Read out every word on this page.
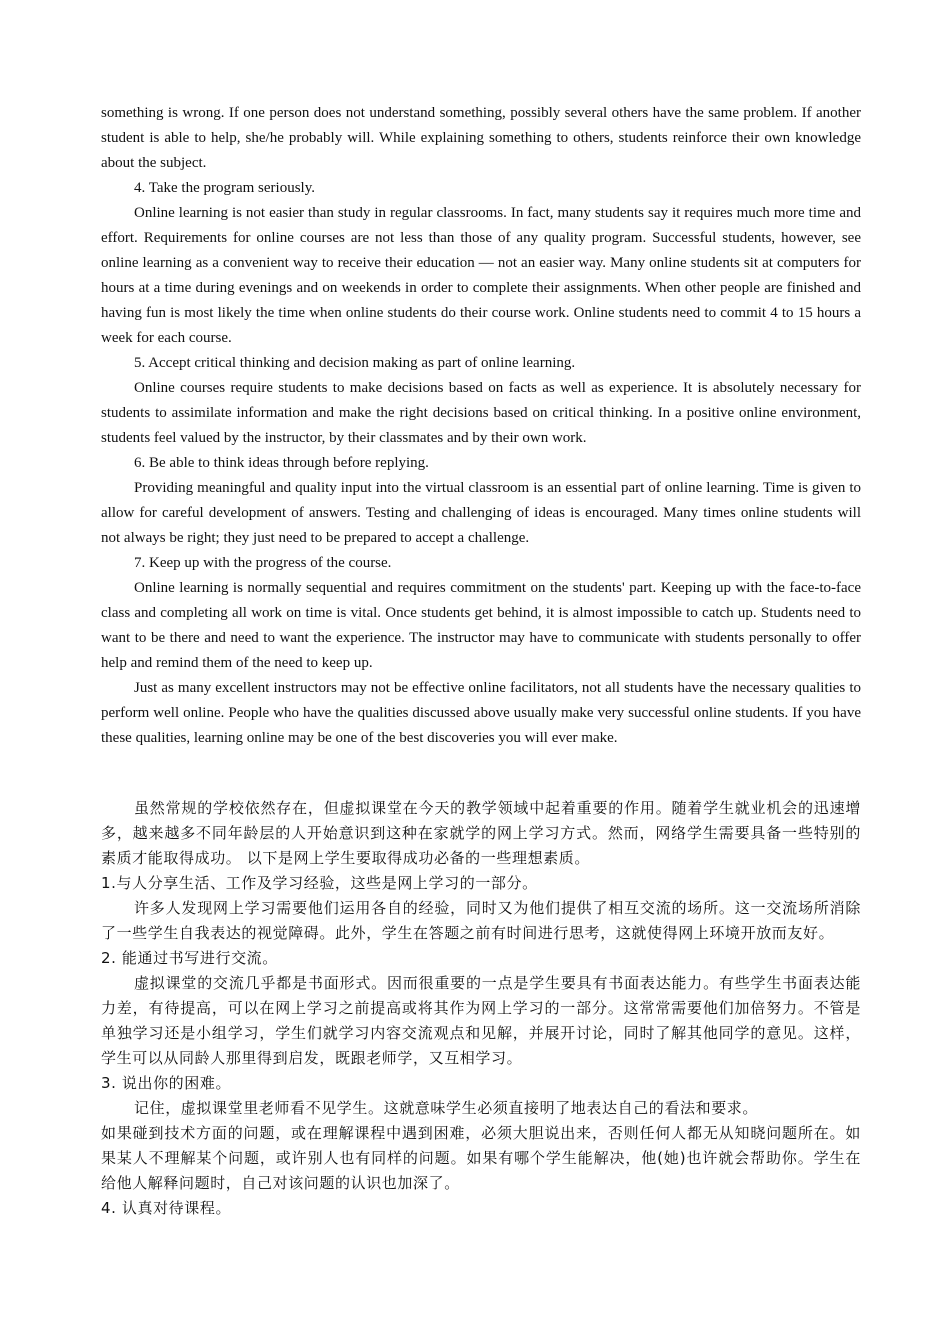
something is wrong. If one person does not understand something, possibly several others have the same problem. If another student is able to help, she/he probably will. While explaining something to others, students reinforce their own knowledge about the subject.

4. Take the program seriously.

Online learning is not easier than study in regular classrooms. In fact, many students say it requires much more time and effort. Requirements for online courses are not less than those of any quality program. Successful students, however, see online learning as a convenient way to receive their education — not an easier way. Many online students sit at computers for hours at a time during evenings and on weekends in order to complete their assignments. When other people are finished and having fun is most likely the time when online students do their course work. Online students need to commit 4 to 15 hours a week for each course.

5. Accept critical thinking and decision making as part of online learning.

Online courses require students to make decisions based on facts as well as experience. It is absolutely necessary for students to assimilate information and make the right decisions based on critical thinking. In a positive online environment, students feel valued by the instructor, by their classmates and by their own work.

6. Be able to think ideas through before replying.

Providing meaningful and quality input into the virtual classroom is an essential part of online learning. Time is given to allow for careful development of answers. Testing and challenging of ideas is encouraged. Many times online students will not always be right; they just need to be prepared to accept a challenge.

7. Keep up with the progress of the course.

Online learning is normally sequential and requires commitment on the students' part. Keeping up with the face-to-face class and completing all work on time is vital. Once students get behind, it is almost impossible to catch up. Students need to want to be there and need to want the experience. The instructor may have to communicate with students personally to offer help and remind them of the need to keep up.

Just as many excellent instructors may not be effective online facilitators, not all students have the necessary qualities to perform well online. People who have the qualities discussed above usually make very successful online students. If you have these qualities, learning online may be one of the best discoveries you will ever make.

虽然常规的学校依然存在，但虚拟课堂在今天的教学领域中起着重要的作用。随着学生就业机会的迅速增多，越来越多不同年龄层的人开始意识到这种在家就学的网上学习方式。然而，网络学生需要具备一些特别的素质才能取得成功。 以下是网上学生要取得成功必备的一些理想素质。

1.与人分享生活、工作及学习经验，这些是网上学习的一部分。

许多人发现网上学习需要他们运用各自的经验，同时又为他们提供了相互交流的场所。这一交流场所消除了一些学生自我表达的视觉障碍。此外，学生在答题之前有时间进行思考，这就使得网上环境开放而友好。

2. 能通过书写进行交流。

虚拟课堂的交流几乎都是书面形式。因而很重要的一点是学生要具有书面表达能力。有些学生书面表达能力差，有待提高，可以在网上学习之前提高或将其作为网上学习的一部分。这常常需要他们加倍努力。不管是单独学习还是小组学习，学生们就学习内容交流观点和见解，并展开讨论，同时了解其他同学的意见。这样，学生可以从同龄人那里得到启发，既跟老师学，又互相学习。

3. 说出你的困难。

记住，虚拟课堂里老师看不见学生。这就意味学生必须直接明了地表达自己的看法和要求。

如果碰到技术方面的问题，或在理解课程中遇到困难，必须大胆说出来，否则任何人都无从知晓问题所在。如果某人不理解某个问题，或许别人也有同样的问题。如果有哪个学生能解决，他(她)也许就会帮助你。学生在给他人解释问题时，自己对该问题的认识也加深了。

4. 认真对待课程。
